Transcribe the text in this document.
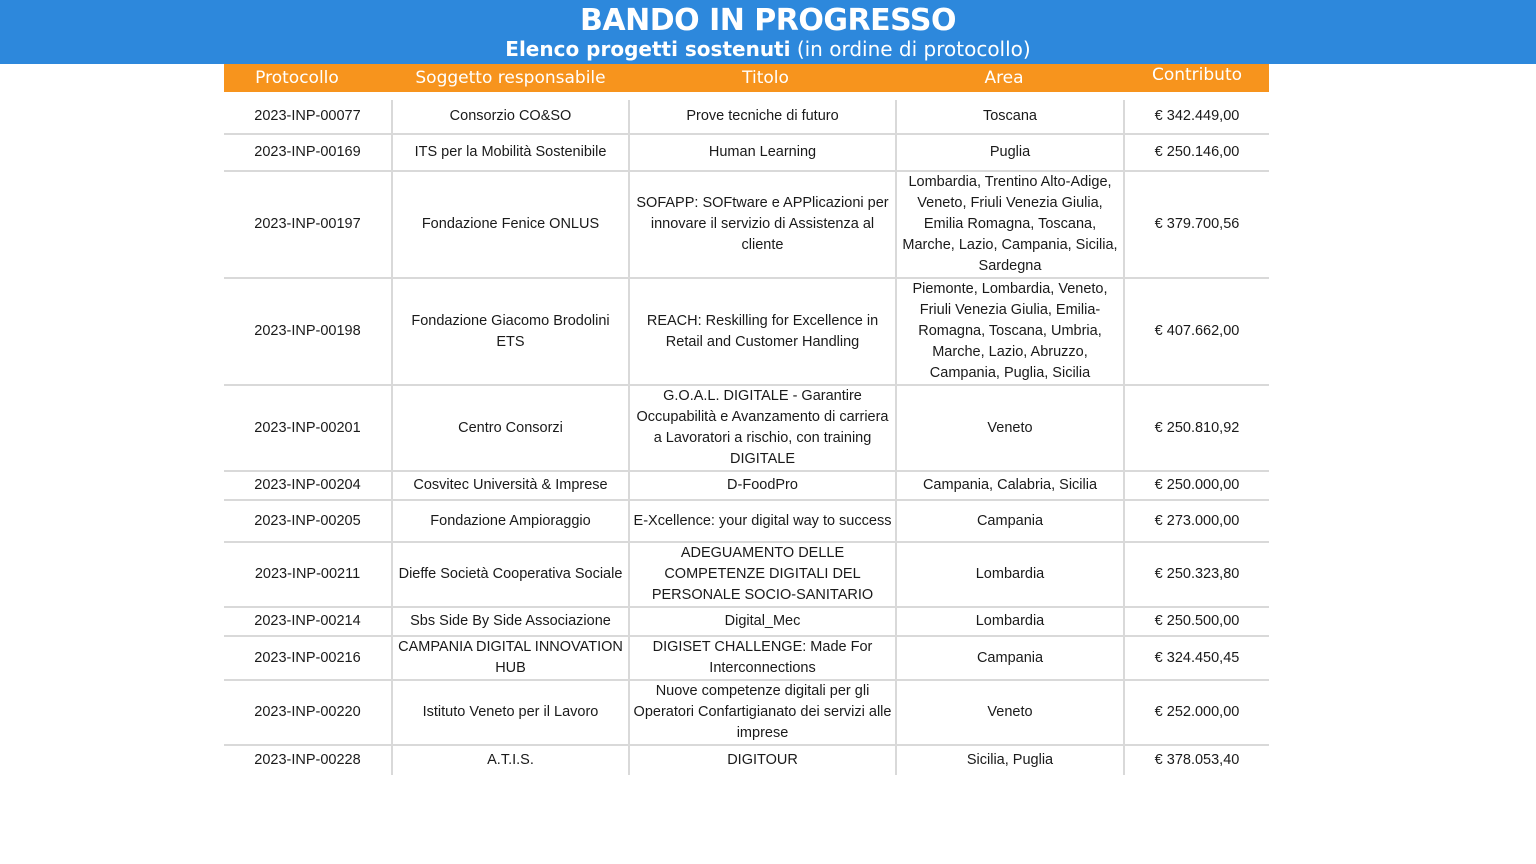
BANDO IN PROGRESSO
Elenco progetti sostenuti (in ordine di protocollo)
Protocollo	Soggetto responsabile	Titolo	Area	Contributo
2023-INP-00077	Consorzio CO&SO	Prove tecniche di futuro	Toscana	€ 342.449,00
2023-INP-00169	ITS per la Mobilità Sostenibile	Human Learning	Puglia	€ 250.146,00
2023-INP-00197	Fondazione Fenice ONLUS	SOFAPP: SOFtware e APPlicazioni per innovare il servizio di Assistenza al cliente	Lombardia, Trentino Alto-Adige, Veneto, Friuli Venezia Giulia, Emilia Romagna, Toscana, Marche, Lazio, Campania, Sicilia, Sardegna	€ 379.700,56
2023-INP-00198	Fondazione Giacomo Brodolini ETS	REACH: Reskilling for Excellence in Retail and Customer Handling	Piemonte, Lombardia, Veneto, Friuli Venezia Giulia, Emilia-Romagna, Toscana, Umbria, Marche, Lazio, Abruzzo, Campania, Puglia, Sicilia	€ 407.662,00
2023-INP-00201	Centro Consorzi	G.O.A.L. DIGITALE - Garantire Occupabilità e Avanzamento di carriera a Lavoratori a rischio, con training DIGITALE	Veneto	€ 250.810,92
2023-INP-00204	Cosvitec Università & Imprese	D-FoodPro	Campania, Calabria, Sicilia	€ 250.000,00
2023-INP-00205	Fondazione Ampioraggio	E-Xcellence: your digital way to success	Campania	€ 273.000,00
2023-INP-00211	Dieffe Società Cooperativa Sociale	ADEGUAMENTO DELLE COMPETENZE DIGITALI DEL PERSONALE SOCIO-SANITARIO	Lombardia	€ 250.323,80
2023-INP-00214	Sbs Side By Side Associazione	Digital_Mec	Lombardia	€ 250.500,00
2023-INP-00216	CAMPANIA DIGITAL INNOVATION HUB	DIGISET CHALLENGE: Made For Interconnections	Campania	€ 324.450,45
2023-INP-00220	Istituto Veneto per il Lavoro	Nuove competenze digitali per gli Operatori Confartigianato dei servizi alle imprese	Veneto	€ 252.000,00
2023-INP-00228	A.T.I.S.	DIGITOUR	Sicilia, Puglia	€ 378.053,40
